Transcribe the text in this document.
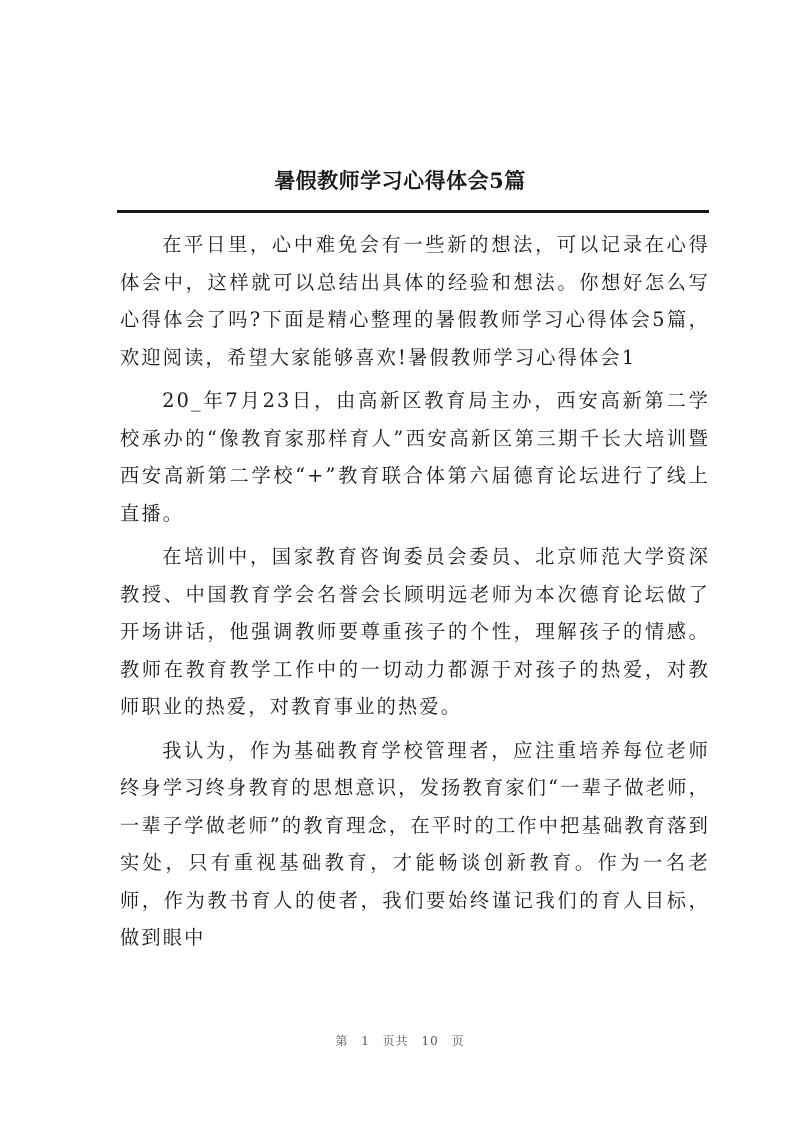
暑假教师学习心得体会5篇

在平日里，心中难免会有一些新的想法，可以记录在心得体会中，这样就可以总结出具体的经验和想法。你想好怎么写心得体会了吗?下面是精心整理的暑假教师学习心得体会5篇，欢迎阅读，希望大家能够喜欢!暑假教师学习心得体会1

20_年7月23日，由高新区教育局主办，西安高新第二学校承办的“像教育家那样育人”西安高新区第三期千长大培训暨西安高新第二学校“+”教育联合体第六届德育论坛进行了线上直播。

在培训中，国家教育咨询委员会委员、北京师范大学资深教授、中国教育学会名誉会长顾明远老师为本次德育论坛做了开场讲话，他强调教师要尊重孩子的个性，理解孩子的情感。教师在教育教学工作中的一切动力都源于对孩子的热爱，对教师职业的热爱，对教育事业的热爱。

我认为，作为基础教育学校管理者，应注重培养每位老师终身学习终身教育的思想意识，发扬教育家们“一辈子做老师，一辈子学做老师”的教育理念，在平时的工作中把基础教育落到实处，只有重视基础教育，才能畅谈创新教育。作为一名老师，作为教书育人的使者，我们要始终谨记我们的育人目标，做到眼中

第 1 页共 10 页
